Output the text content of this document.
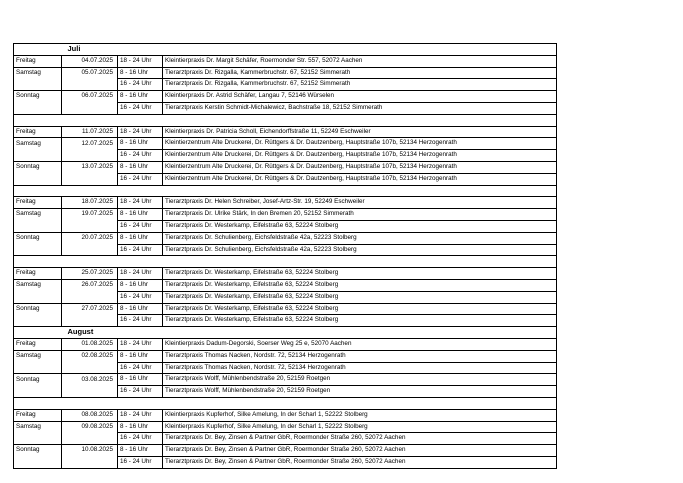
	Juli		
Freitag	04.07.2025	18 - 24 Uhr	Kleintierpraxis Dr. Margit Schäfer, Roermonder Str. 557, 52072 Aachen
Samstag	05.07.2025	8 - 16 Uhr	Tierarztpraxis Dr. Rizgalla, Kammerbruchstr. 67, 52152 Simmerath
		16 - 24 Uhr	Tierarztpraxis Dr. Rizgalla, Kammerbruchstr. 67, 52152 Simmerath
Sonntag	06.07.2025	8 - 16 Uhr	Kleintierpraxis Dr. Astrid Schäfer, Langau 7, 52146 Würselen
		16 - 24 Uhr	Tierarztpraxis Kerstin Schmidt-Michalewicz, Bachstraße 18, 52152 Simmerath

Freitag	11.07.2025	18 - 24 Uhr	Kleintierpraxis Dr. Patricia Scholl, Eichendorffstraße 11, 52249 Eschweiler
Samstag	12.07.2025	8 - 16 Uhr	Kleintierzentrum Alte Druckerei, Dr. Rüttgers & Dr. Dautzenberg, Hauptstraße 107b, 52134 Herzogenrath
		16 - 24 Uhr	Kleintierzentrum Alte Druckerei, Dr. Rüttgers & Dr. Dautzenberg, Hauptstraße 107b, 52134 Herzogenrath
Sonntag	13.07.2025	8 - 16 Uhr	Kleintierzentrum Alte Druckerei, Dr. Rüttgers & Dr. Dautzenberg, Hauptstraße 107b, 52134 Herzogenrath
		16 - 24 Uhr	Kleintierzentrum Alte Druckerei, Dr. Rüttgers & Dr. Dautzenberg, Hauptstraße 107b, 52134 Herzogenrath

Freitag	18.07.2025	18 - 24 Uhr	Tierarztpraxis Dr. Helen Schreiber, Josef-Artz-Str. 19, 52249 Eschweiler
Samstag	19.07.2025	8 - 16 Uhr	Tierarztpraxis Dr. Ulrike Stärk, In den Bremen 20, 52152 Simmerath
		16 - 24 Uhr	Tierarztpraxis Dr. Westerkamp, Eifelstraße 63, 52224 Stolberg
Sonntag	20.07.2025	8 - 16 Uhr	Tierarztpraxis Dr. Schulienberg, Eichsfeldstraße 42a, 52223 Stolberg
		16 - 24 Uhr	Tierarztpraxis Dr. Schulienberg, Eichsfeldstraße 42a, 52223 Stolberg

Freitag	25.07.2025	18 - 24 Uhr	Tierarztpraxis Dr. Westerkamp, Eifelstraße 63, 52224 Stolberg
Samstag	26.07.2025	8 - 16 Uhr	Tierarztpraxis Dr. Westerkamp, Eifelstraße 63, 52224 Stolberg
		16 - 24 Uhr	Tierarztpraxis Dr. Westerkamp, Eifelstraße 63, 52224 Stolberg
Sonntag	27.07.2025	8 - 16 Uhr	Tierarztpraxis Dr. Westerkamp, Eifelstraße 63, 52224 Stolberg
		16 - 24 Uhr	Tierarztpraxis Dr. Westerkamp, Eifelstraße 63, 52224 Stolberg
	August		
Freitag	01.08.2025	18 - 24 Uhr	Kleintierpraxis Dadum-Degorski, Soerser Weg 25 e, 52070 Aachen
Samstag	02.08.2025	8 - 16 Uhr	Tierarztpraxis Thomas Nacken, Nordstr. 72, 52134 Herzogenrath
		16 - 24 Uhr	Tierarztpraxis Thomas Nacken, Nordstr. 72, 52134 Herzogenrath
Sonntag	03.08.2025	8 - 16 Uhr	Tierarztpraxis Wolff, Mühlenbendstraße 20, 52159 Roetgen
		16 - 24 Uhr	Tierarztpraxis Wolff, Mühlenbendstraße 20, 52159 Roetgen

Freitag	08.08.2025	18 - 24 Uhr	Kleintierpraxis Kupferhof, Silke Amelung, In der Scharl 1, 52222 Stolberg
Samstag	09.08.2025	8 - 16 Uhr	Kleintierpraxis Kupferhof, Silke Amelung, In der Scharl 1, 52222 Stolberg
		16 - 24 Uhr	Tierarztpraxis Dr. Bey, Zinsen & Partner GbR, Roermonder Straße 260, 52072 Aachen
Sonntag	10.08.2025	8 - 16 Uhr	Tierarztpraxis Dr. Bey, Zinsen & Partner GbR, Roermonder Straße 260, 52072 Aachen
		16 - 24 Uhr	Tierarztpraxis Dr. Bey, Zinsen & Partner GbR, Roermonder Straße 260, 52072 Aachen
